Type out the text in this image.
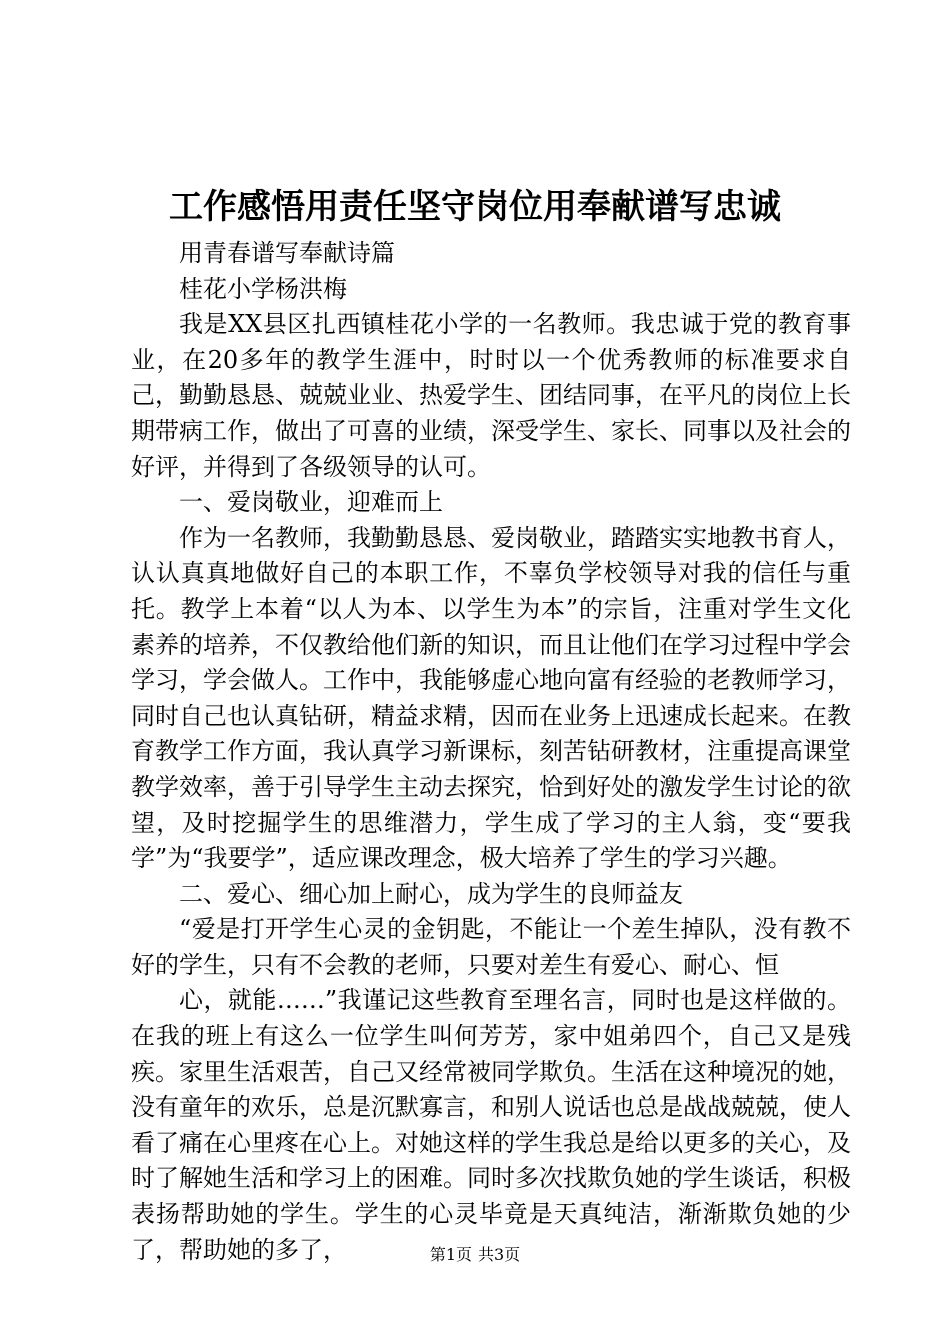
工作感悟用责任坚守岗位用奉献谱写忠诚

用青春谱写奉献诗篇

桂花小学杨洪梅

我是XX县区扎西镇桂花小学的一名教师。我忠诚于党的教育事业，在20多年的教学生涯中，时时以一个优秀教师的标准要求自己，勤勤恳恳、兢兢业业、热爱学生、团结同事，在平凡的岗位上长期带病工作，做出了可喜的业绩，深受学生、家长、同事以及社会的好评，并得到了各级领导的认可。

一、爱岗敬业，迎难而上

作为一名教师，我勤勤恳恳、爱岗敬业，踏踏实实地教书育人，认认真真地做好自己的本职工作，不辜负学校领导对我的信任与重托。教学上本着“以人为本、以学生为本”的宗旨，注重对学生文化素养的培养，不仅教给他们新的知识，而且让他们在学习过程中学会学习，学会做人。工作中，我能够虚心地向富有经验的老教师学习，同时自己也认真钻研，精益求精，因而在业务上迅速成长起来。在教育教学工作方面，我认真学习新课标，刻苦钻研教材，注重提高课堂教学效率，善于引导学生主动去探究，恰到好处的激发学生讨论的欲望，及时挖掘学生的思维潜力，学生成了学习的主人翁，变“要我学”为“我要学”，适应课改理念，极大培养了学生的学习兴趣。

二、爱心、细心加上耐心，成为学生的良师益友

“爱是打开学生心灵的金钥匙，不能让一个差生掉队，没有教不好的学生，只有不会教的老师，只要对差生有爱心、耐心、恒

心，就能……”我谨记这些教育至理名言，同时也是这样做的。在我的班上有这么一位学生叫何芳芳，家中姐弟四个，自己又是残疾。家里生活艰苦，自己又经常被同学欺负。生活在这种境况的她，没有童年的欢乐，总是沉默寡言，和别人说话也总是战战兢兢，使人看了痛在心里疼在心上。对她这样的学生我总是给以更多的关心，及时了解她生活和学习上的困难。同时多次找欺负她的学生谈话，积极表扬帮助她的学生。学生的心灵毕竟是天真纯洁，渐渐欺负她的少了，帮助她的多了，	第1页 共3页
